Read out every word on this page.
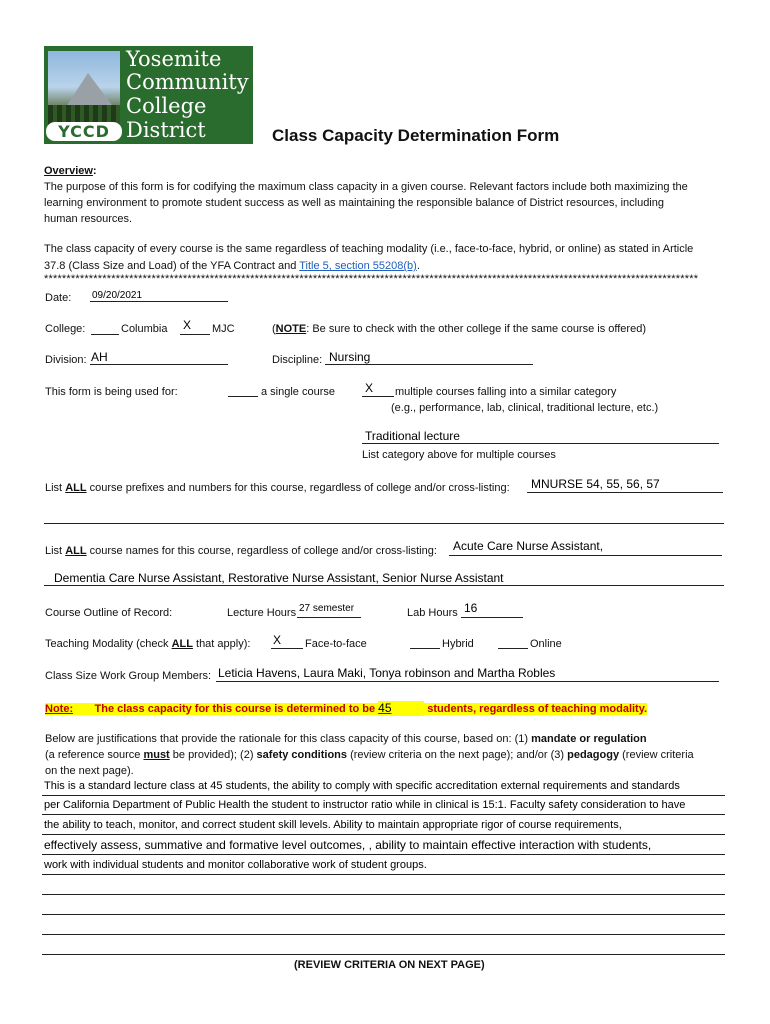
Yosemite
Community
College
District
YCCD	Class Capacity Determination Form
Overview:
The purpose of this form is for codifying the maximum class capacity in a given course. Relevant factors include both maximizing the
learning environment to promote student success as well as maintaining the responsible balance of District resources, including
human resources.
The class capacity of every course is the same regardless of teaching modality (i.e., face-to-face, hybrid, or online) as stated in Article
37.8 (Class Size and Load) of the YFA Contract and Title 5, section 55208(b).
**************************************************************************************************************************************************
Date: 09/20/2021
College:	Columbia X MJC	(NOTE: Be sure to check with the other college if the same course is offered)
Division: AH	Discipline: Nursing
This form is being used for:	a single course	X multiple courses falling into a similar category
(e.g., performance, lab, clinical, traditional lecture, etc.)
Traditional lecture
List category above for multiple courses
List ALL course prefixes and numbers for this course, regardless of college and/or cross-listing: MNURSE 54, 55, 56, 57
List ALL course names for this course, regardless of college and/or cross-listing: Acute Care Nurse Assistant,
Dementia Care Nurse Assistant, Restorative Nurse Assistant, Senior Nurse Assistant
Course Outline of Record:	Lecture Hours 27 semester	Lab Hours 16
Teaching Modality (check ALL that apply): X Face-to-face	Hybrid	Online
Class Size Work Group Members: Leticia Havens, Laura Maki, Tonya robinson and Martha Robles
Note: The class capacity for this course is determined to be 45	students, regardless of teaching modality.
Below are justifications that provide the rationale for this class capacity of this course, based on: (1) mandate or regulation
(a reference source must be provided); (2) safety conditions (review criteria on the next page); and/or (3) pedagogy (review criteria
on the next page).
This is a standard lecture class at 45 students, the ability to comply with specific accreditation external requirements and standards
per California Department of Public Health the student to instructor ratio while in clinical is 15:1. Faculty safety consideration to have
the ability to teach, monitor, and correct student skill levels. Ability to maintain appropriate rigor of course requirements,
effectively assess, summative and formative level outcomes, , ability to maintain effective interaction with students,
work with individual students and monitor collaborative work of student groups.
(REVIEW CRITERIA ON NEXT PAGE)
